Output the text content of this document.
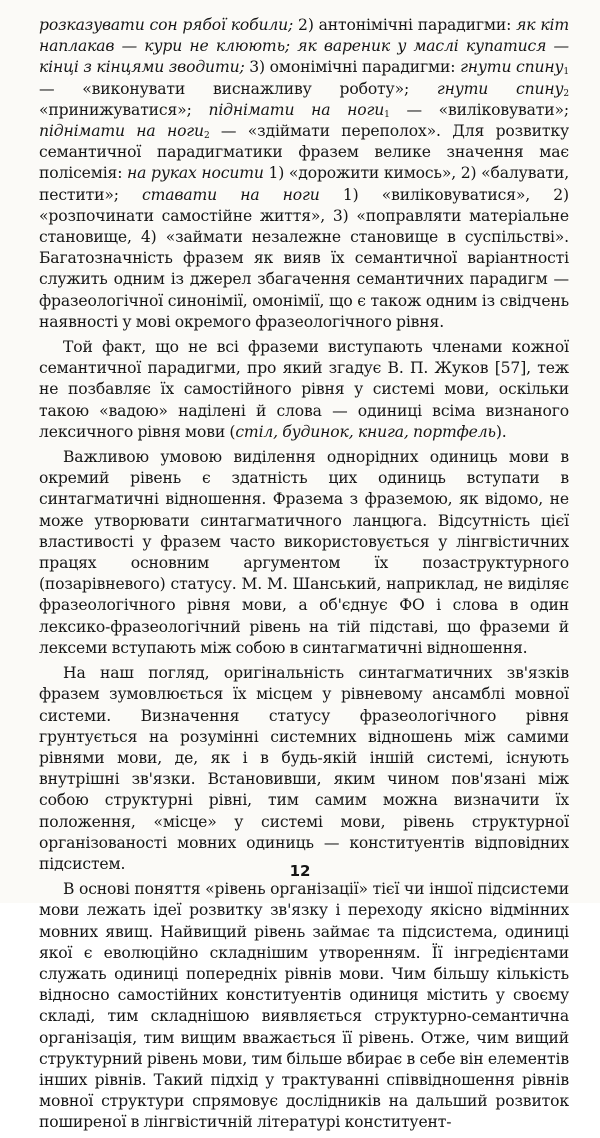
розказувати сон рябої кобили; 2) антонімічні парадигми: як кіт наплакав — кури не клюють; як вареник у маслі купатися — кінці з кінцями зводити; 3) омонімічні парадигми: гнути спину$_1$ — «виконувати виснажливу роботу»; гнути спину$_2$ «принижуватися»; піднімати на ноги$_1$ — «виліковувати»; піднімати на ноги$_2$ — «здіймати переполох». Для розвитку семантичної парадигматики фразем велике значення має полісемія: на руках носити 1) «дорожити кимось», 2) «балувати, пестити»; ставати на ноги 1) «виліковуватися», 2) «розпочинати самостійне життя», 3) «поправляти матеріальне становище, 4) «займати незалежне становище в суспільстві». Багатозначність фразем як вияв їх семантичної варіантності служить одним із джерел збагачення семантичних парадигм — фразеологічної синонімії, омонімії, що є також одним із свідчень наявності у мові окремого фразеологічного рівня.

Той факт, що не всі фраземи виступають членами кожної семантичної парадигми, про який згадує В. П. Жуков [57], теж не позбавляє їх самостійного рівня у системі мови, оскільки такою «вадою» наділені й слова — одиниці всіма визнаного лексичного рівня мови (стіл, будинок, книга, портфель).

Важливою умовою виділення однорідних одиниць мови в окремий рівень є здатність цих одиниць вступати в синтагматичні відношення. Фразема з фраземою, як відомо, не може утворювати синтагматичного ланцюга. Відсутність цієї властивості у фразем часто використовується у лінгвістичних працях основним аргументом їх позаструктурного (позарівневого) статусу. М. М. Шанський, наприклад, не виділяє фразеологічного рівня мови, а об'єднує ФО і слова в один лексико-фразеологічний рівень на тій підставі, що фраземи й лексеми вступають між собою в синтагматичні відношення.

На наш погляд, оригінальність синтагматичних зв'язків фразем зумовлюється їх місцем у рівневому ансамблі мовної системи. Визначення статусу фразеологічного рівня грунтується на розумінні системних відношень між самими рівнями мови, де, як і в будь-якій іншій системі, існують внутрішні зв'язки. Встановивши, яким чином пов'язані між собою структурні рівні, тим самим можна визначити їх положення, «місце» у системі мови, рівень структурної організованості мовних одиниць — конституентів відповідних підсистем.

В основі поняття «рівень організації» тієї чи іншої підсистеми мови лежать ідеї розвитку зв'язку і переходу якісно відмінних мовних явищ. Найвищий рівень займає та підсистема, одиниці якої є еволюційно складнішим утворенням. Її інгредієнтами служать одиниці попередніх рівнів мови. Чим більшу кількість відносно самостійних конституентів одиниця містить у своєму складі, тим складнішою виявляється структурно-семантична організація, тим вищим вважається її рівень. Отже, чим вищий структурний рівень мови, тим більше вбирає в себе він елементів інших рівнів. Такий підхід у трактуванні співвідношення рівнів мовної структури спрямовує дослідників на дальший розвиток поширеної в лінгвістичній літературі конституент-

12
